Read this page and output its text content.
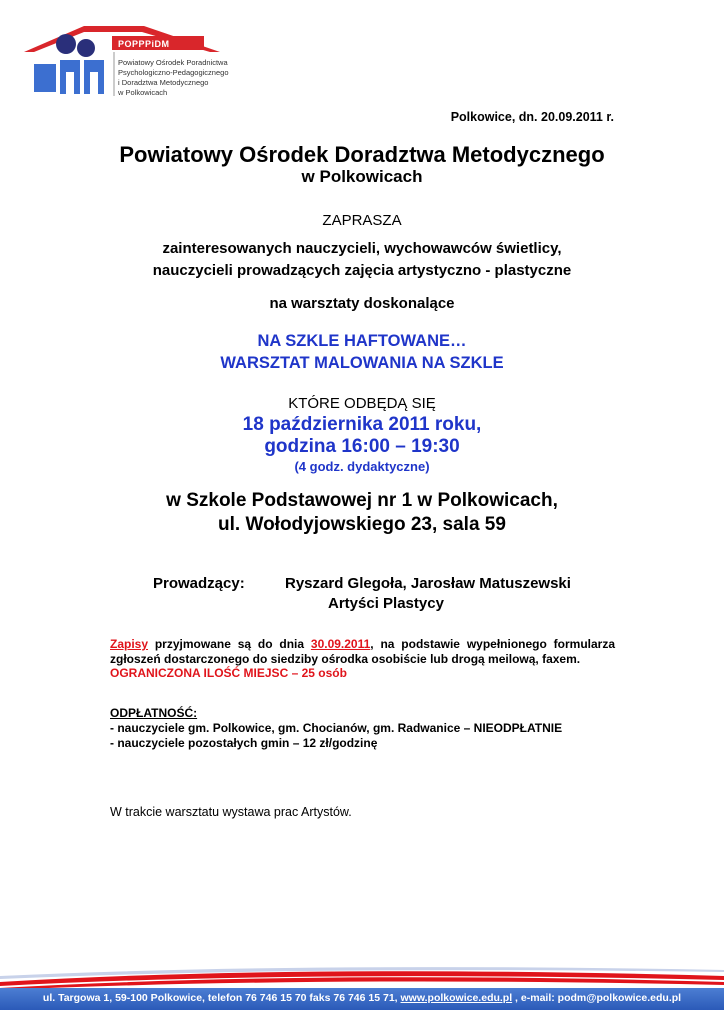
POPPPiDM
Powiatowy Ośrodek Poradnictwa
Psychologiczno-Pedagogicznego
i Doradztwa Metodycznego
w Polkowicach
Polkowice, dn. 20.09.2011 r.
Powiatowy Ośrodek Doradztwa Metodycznego
w Polkowicach
ZAPRASZA
zainteresowanych nauczycieli, wychowawców świetlicy,
nauczycieli prowadzących zajęcia artystyczno - plastyczne
na warsztaty doskonalące
NA SZKLE HAFTOWANE…
WARSZTAT MALOWANIA NA SZKLE
KTÓRE ODBĘDĄ SIĘ
18 października 2011 roku,
godzina 16:00 – 19:30
(4 godz. dydaktyczne)
w Szkole Podstawowej nr 1 w Polkowicach,
ul. Wołodyjowskiego 23, sala 59
Prowadzący:	Ryszard Glegoła, Jarosław Matuszewski
Artyści Plastycy
Zapisy przyjmowane są do dnia 30.09.2011, na podstawie wypełnionego formularza zgłoszeń dostarczonego do siedziby ośrodka osobiście lub drogą meilową, faxem.
OGRANICZONA ILOŚĆ MIEJSC – 25 osób
ODPŁATNOŚĆ:
- nauczyciele gm. Polkowice, gm. Chocianów, gm. Radwanice – NIEODPŁATNIE
- nauczyciele pozostałych gmin – 12 zł/godzinę
W trakcie warsztatu wystawa prac Artystów.
ul. Targowa 1, 59-100 Polkowice, telefon 76 746 15 70 faks 76 746 15 71, www.polkowice.edu.pl , e-mail: podm@polkowice.edu.pl
